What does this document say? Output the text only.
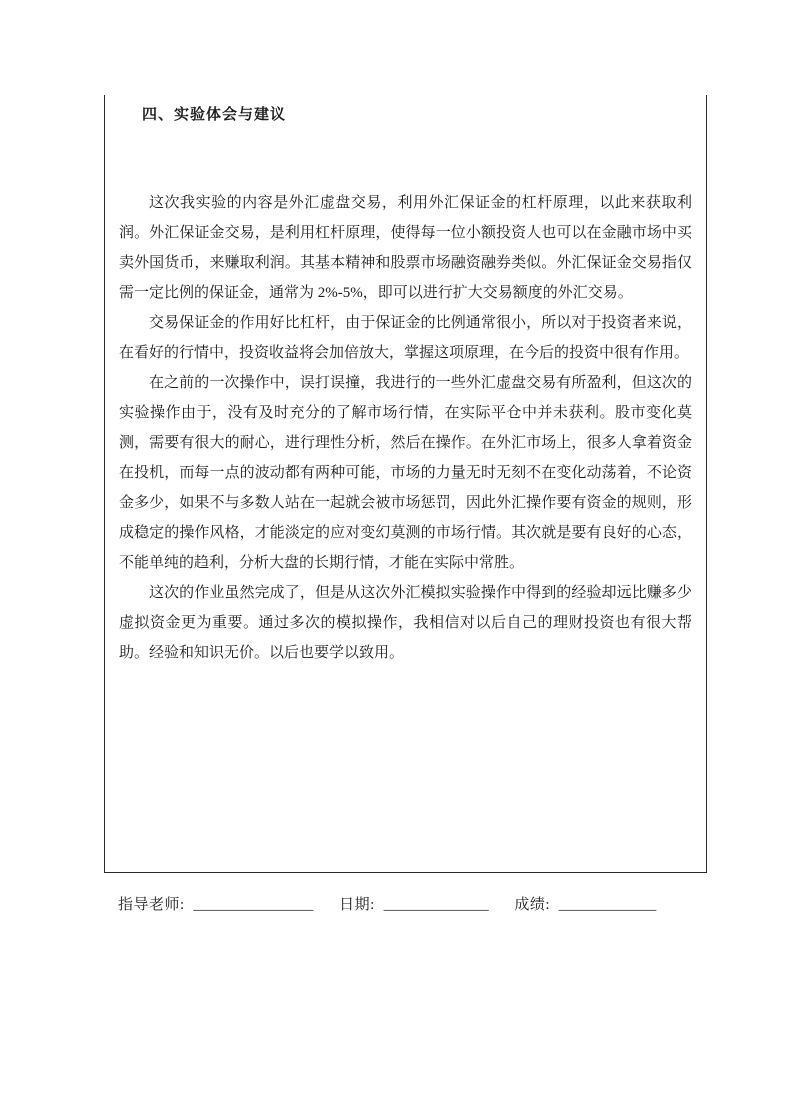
四、实验体会与建议

这次我实验的内容是外汇虚盘交易，利用外汇保证金的杠杆原理，以此来获取利润。外汇保证金交易，是利用杠杆原理，使得每一位小额投资人也可以在金融市场中买卖外国货币，来赚取利润。其基本精神和股票市场融资融券类似。外汇保证金交易指仅需一定比例的保证金，通常为 2%-5%，即可以进行扩大交易额度的外汇交易。

交易保证金的作用好比杠杆，由于保证金的比例通常很小，所以对于投资者来说，在看好的行情中，投资收益将会加倍放大，掌握这项原理，在今后的投资中很有作用。

在之前的一次操作中，误打误撞，我进行的一些外汇虚盘交易有所盈利，但这次的实验操作由于，没有及时充分的了解市场行情，在实际平仓中并未获利。股市变化莫测，需要有很大的耐心，进行理性分析，然后在操作。在外汇市场上，很多人拿着资金在投机，而每一点的波动都有两种可能，市场的力量无时无刻不在变化动荡着，不论资金多少，如果不与多数人站在一起就会被市场惩罚，因此外汇操作要有资金的规则，形成稳定的操作风格，才能淡定的应对变幻莫测的市场行情。其次就是要有良好的心态，不能单纯的趋利，分析大盘的长期行情，才能在实际中常胜。

这次的作业虽然完成了，但是从这次外汇模拟实验操作中得到的经验却远比赚多少虚拟资金更为重要。通过多次的模拟操作，我相信对以后自己的理财投资也有很大帮助。经验和知识无价。以后也要学以致用。

指导老师: ________________ 日期: ______________ 成绩: _____________
